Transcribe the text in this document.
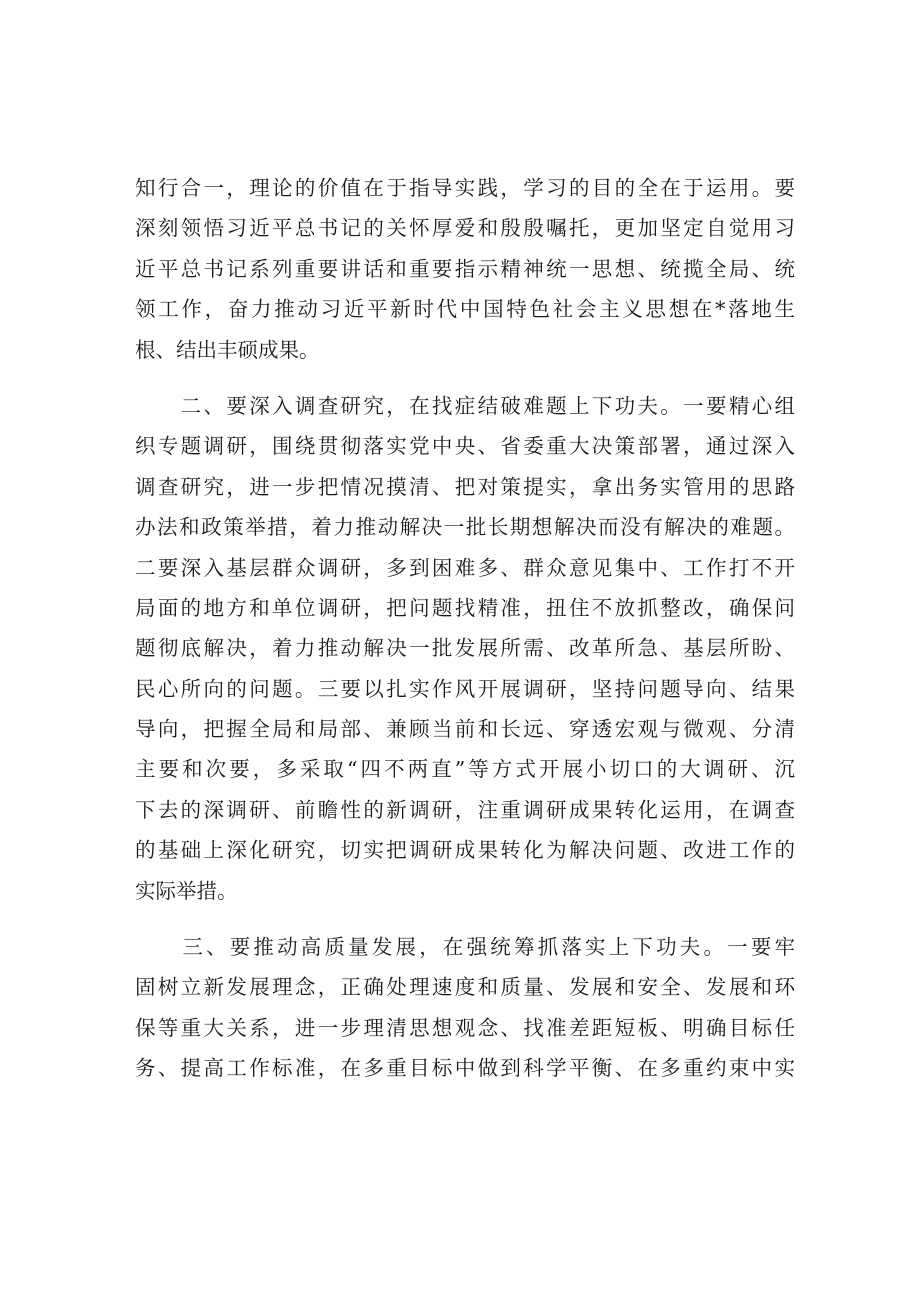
知行合一，理论的价值在于指导实践，学习的目的全在于运用。要
深刻领悟习近平总书记的关怀厚爱和殷殷嘱托，更加坚定自觉用习
近平总书记系列重要讲话和重要指示精神统一思想、统揽全局、统
领工作，奋力推动习近平新时代中国特色社会主义思想在*落地生
根、结出丰硕成果。
　　二、要深入调查研究，在找症结破难题上下功夫。一要精心组
织专题调研，围绕贯彻落实党中央、省委重大决策部署，通过深入
调查研究，进一步把情况摸清、把对策提实，拿出务实管用的思路
办法和政策举措，着力推动解决一批长期想解决而没有解决的难题。
二要深入基层群众调研，多到困难多、群众意见集中、工作打不开
局面的地方和单位调研，把问题找精准，扭住不放抓整改，确保问
题彻底解决，着力推动解决一批发展所需、改革所急、基层所盼、
民心所向的问题。三要以扎实作风开展调研，坚持问题导向、结果
导向，把握全局和局部、兼顾当前和长远、穿透宏观与微观、分清
主要和次要，多采取“四不两直”等方式开展小切口的大调研、沉
下去的深调研、前瞻性的新调研，注重调研成果转化运用，在调查
的基础上深化研究，切实把调研成果转化为解决问题、改进工作的
实际举措。
　　三、要推动高质量发展，在强统筹抓落实上下功夫。一要牢
固树立新发展理念，正确处理速度和质量、发展和安全、发展和环
保等重大关系，进一步理清思想观念、找准差距短板、明确目标任
务、提高工作标准，在多重目标中做到科学平衡、在多重约束中实
